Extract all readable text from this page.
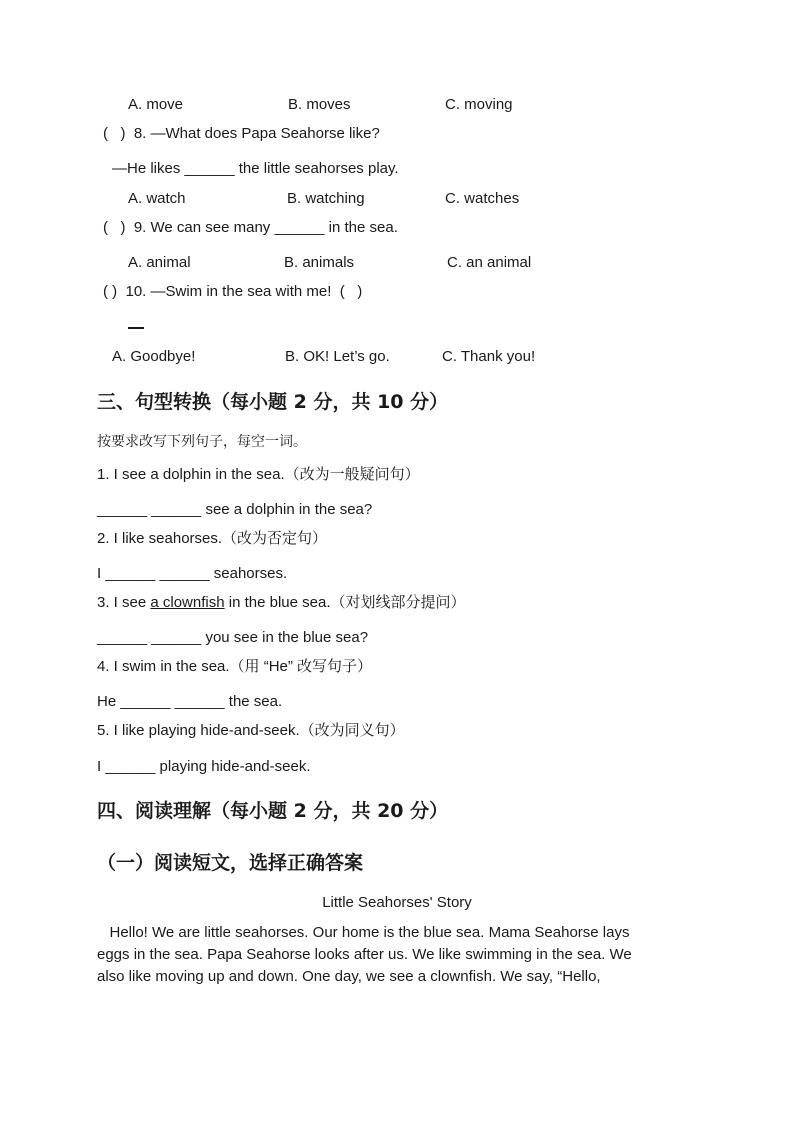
A. move	B. moves	C. moving
(   )  8. —What does Papa Seahorse like?
—He likes ______ the little seahorses play.
A. watch	B. watching	C. watches
(   )  9. We can see many ______ in the sea.
A. animal	B. animals	C. an animal
( )  10. —Swim in the sea with me!  (   )
A. Goodbye!	B. OK! Let’s go.	C. Thank you!
三、句型转换（每小题 2 分，共 10 分）
按要求改写下列句子，每空一词。
1. I see a dolphin in the sea.（改为一般疑问句）
______ ______ see a dolphin in the sea?
2. I like seahorses.（改为否定句）
I ______ ______ seahorses.
3. I see a clownfish in the blue sea.（对划线部分提问）
______ ______ you see in the blue sea?
4. I swim in the sea.（用 “He” 改写句子）
He ______ ______ the sea.
5. I like playing hide-and-seek.（改为同义句）
I ______ playing hide-and-seek.
四、阅读理解（每小题 2 分，共 20 分）
（一）阅读短文，选择正确答案
Little Seahorses' Story
Hello! We are little seahorses. Our home is the blue sea. Mama Seahorse lays
eggs in the sea. Papa Seahorse looks after us. We like swimming in the sea. We
also like moving up and down. One day, we see a clownfish. We say, “Hello,
